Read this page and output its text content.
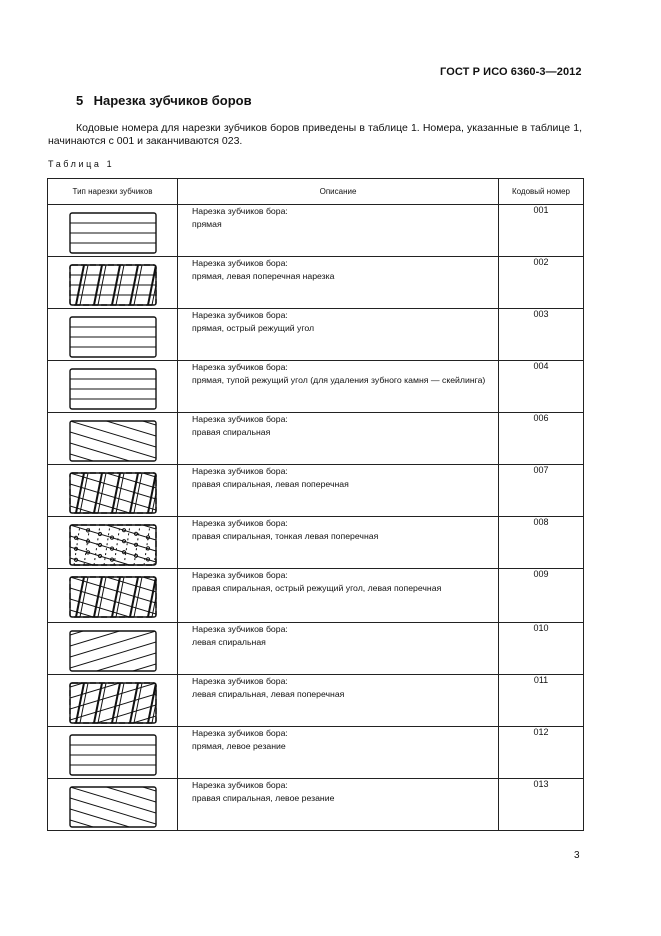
ГОСТ Р ИСО 6360-3—2012
5 Нарезка зубчиков боров
Кодовые номера для нарезки зубчиков боров приведены в таблице 1. Номера, указанные в таблице 1, начинаются с 001 и заканчиваются 023.
Таблица 1
Тип нарезки зубчиков	Описание	Кодовый номер

Нарезка зубчиков бора:
прямая	001

Нарезка зубчиков бора:
прямая, левая поперечная нарезка	002

Нарезка зубчиков бора:
прямая, острый режущий угол	003

Нарезка зубчиков бора:
прямая, тупой режущий угол (для удаления зубного камня — скейлинга)	004

Нарезка зубчиков бора:
правая спиральная	006

Нарезка зубчиков бора:
правая спиральная, левая поперечная	007

Нарезка зубчиков бора:
правая спиральная, тонкая левая поперечная	008

Нарезка зубчиков бора:
правая спиральная, острый режущий угол, левая поперечная	009

Нарезка зубчиков бора:
левая спиральная	010

Нарезка зубчиков бора:
левая спиральная, левая поперечная	011

Нарезка зубчиков бора:
прямая, левое резание	012

Нарезка зубчиков бора:
правая спиральная, левое резание	013
3
